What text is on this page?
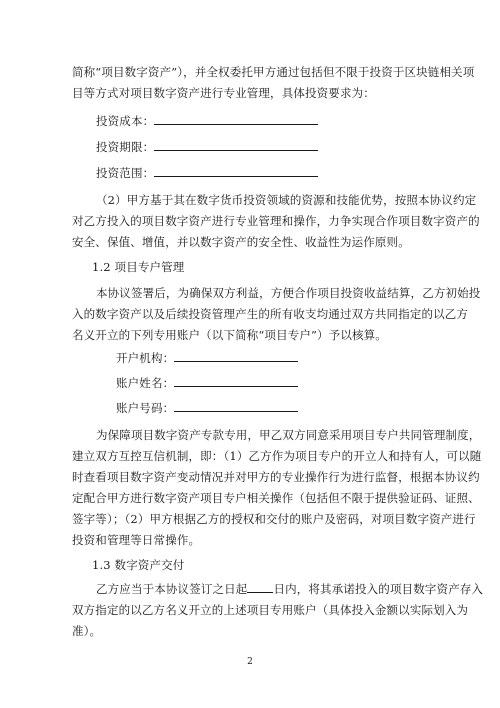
简称“项目数字资产”），并全权委托甲方通过包括但不限于投资于区块链相关项
目等方式对项目数字资产进行专业管理，具体投资要求为：
投资成本：
投资期限：
投资范围：
（2）甲方基于其在数字货币投资领域的资源和技能优势，按照本协议约定
对乙方投入的项目数字资产进行专业管理和操作，力争实现合作项目数字资产的
安全、保值、增值，并以数字资产的安全性、收益性为运作原则。
1.2 项目专户管理
本协议签署后，为确保双方利益，方便合作项目投资收益结算，乙方初始投
入的数字资产以及后续投资管理产生的所有收支均通过双方共同指定的以乙方
名义开立的下列专用账户（以下简称“项目专户”）予以核算。
开户机构：
账户姓名：
账户号码：
为保障项目数字资产专款专用，甲乙双方同意采用项目专户共同管理制度，
建立双方互控互信机制，即：（1）乙方作为项目专户的开立人和持有人，可以随
时查看项目数字资产变动情况并对甲方的专业操作行为进行监督，根据本协议约
定配合甲方进行数字资产项目专户相关操作（包括但不限于提供验证码、证照、
签字等）；（2）甲方根据乙方的授权和交付的账户及密码，对项目数字资产进行
投资和管理等日常操作。
1.3 数字资产交付
乙方应当于本协议签订之日起 日内，将其承诺投入的项目数字资产存入
双方指定的以乙方名义开立的上述项目专用账户（具体投入金额以实际划入为
准）。
2
